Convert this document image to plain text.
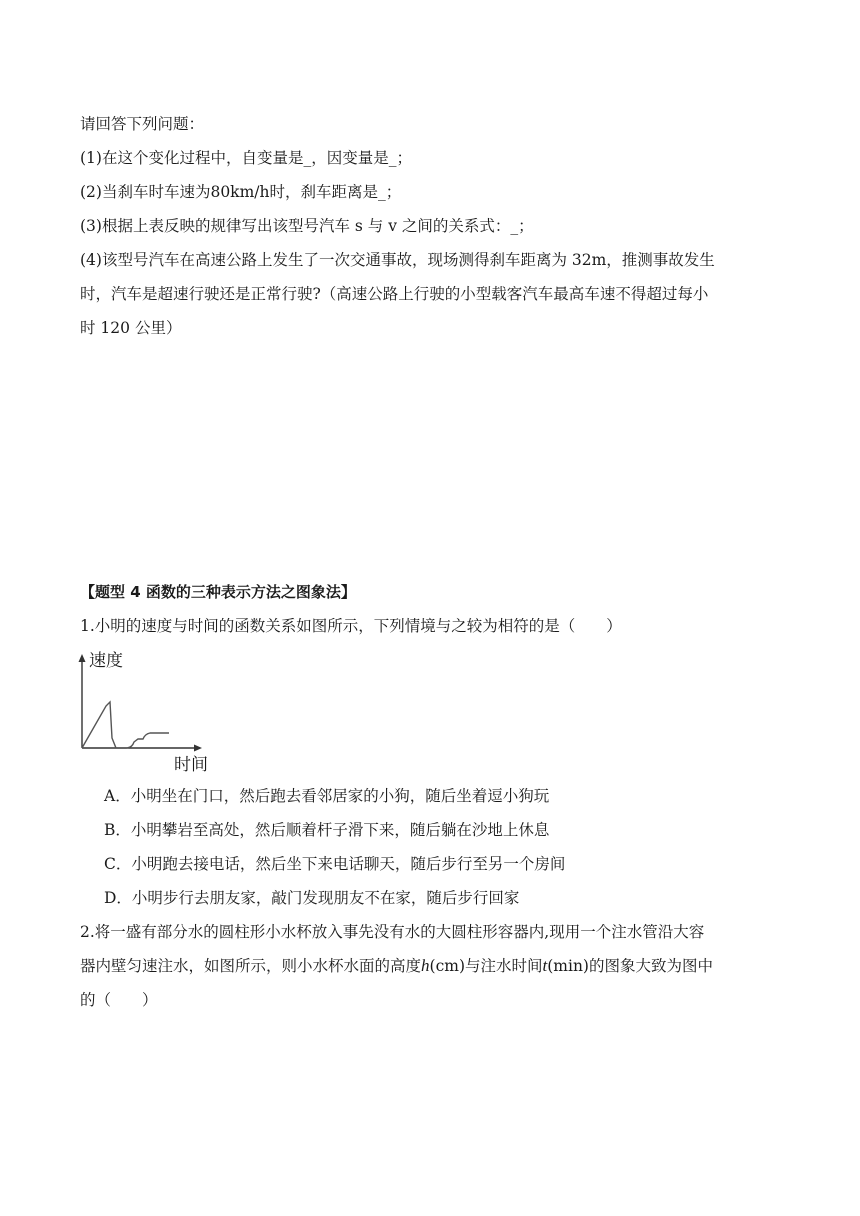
请回答下列问题：
(1)在这个变化过程中，自变量是_，因变量是_；
(2)当刹车时车速为80km/h时，刹车距离是_；
(3)根据上表反映的规律写出该型号汽车 s 与 v 之间的关系式：_；
(4)该型号汽车在高速公路上发生了一次交通事故，现场测得刹车距离为 32m，推测事故发生
时，汽车是超速行驶还是正常行驶?（高速公路上行驶的小型载客汽车最高车速不得超过每小
时 120 公里）
【题型 4 函数的三种表示方法之图象法】
1.小明的速度与时间的函数关系如图所示，下列情境与之较为相符的是（　　）
速度
时间
A．小明坐在门口，然后跑去看邻居家的小狗，随后坐着逗小狗玩
B．小明攀岩至高处，然后顺着杆子滑下来，随后躺在沙地上休息
C．小明跑去接电话，然后坐下来电话聊天，随后步行至另一个房间
D．小明步行去朋友家，敲门发现朋友不在家，随后步行回家
2.将一盛有部分水的圆柱形小水杯放入事先没有水的大圆柱形容器内,现用一个注水管沿大容
器内壁匀速注水，如图所示，则小水杯水面的高度h(cm)与注水时间t(min)的图象大致为图中
的（　　）
